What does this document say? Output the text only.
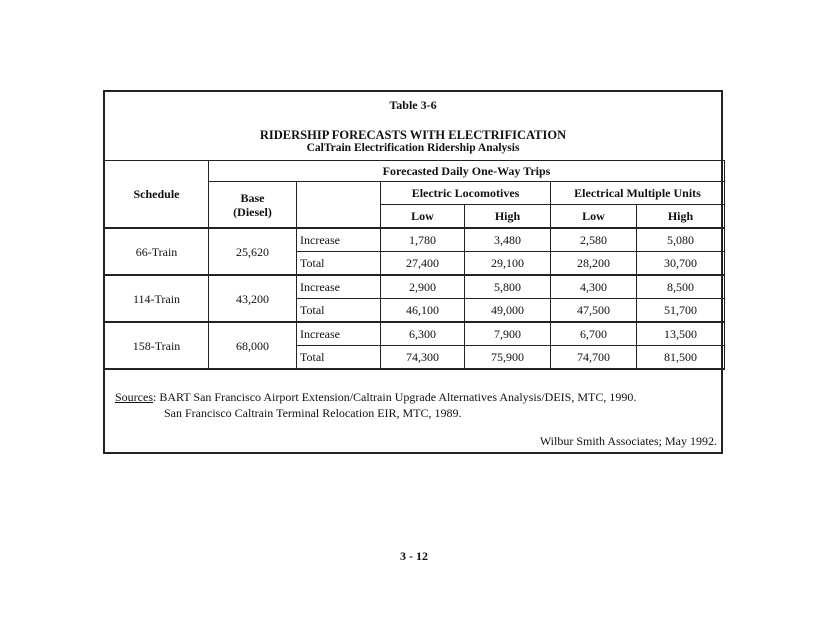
Table 3-6
RIDERSHIP FORECASTS WITH ELECTRIFICATION
CalTrain Electrification Ridership Analysis
Schedule	Forecasted Daily One-Way Trips					
	Base
(Diesel)		Electric Locomotives		Electrical Multiple Units	
			Low	High	Low	High
66-Train	25,620	Increase	1,780	3,480	2,580	5,080
		Total	27,400	29,100	28,200	30,700
114-Train	43,200	Increase	2,900	5,800	4,300	8,500
		Total	46,100	49,000	47,500	51,700
158-Train	68,000	Increase	6,300	7,900	6,700	13,500
		Total	74,300	75,900	74,700	81,500
Sources: BART San Francisco Airport Extension/Caltrain Upgrade Alternatives Analysis/DEIS, MTC, 1990.
San Francisco Caltrain Terminal Relocation EIR, MTC, 1989.
Wilbur Smith Associates; May 1992.
3 - 12
